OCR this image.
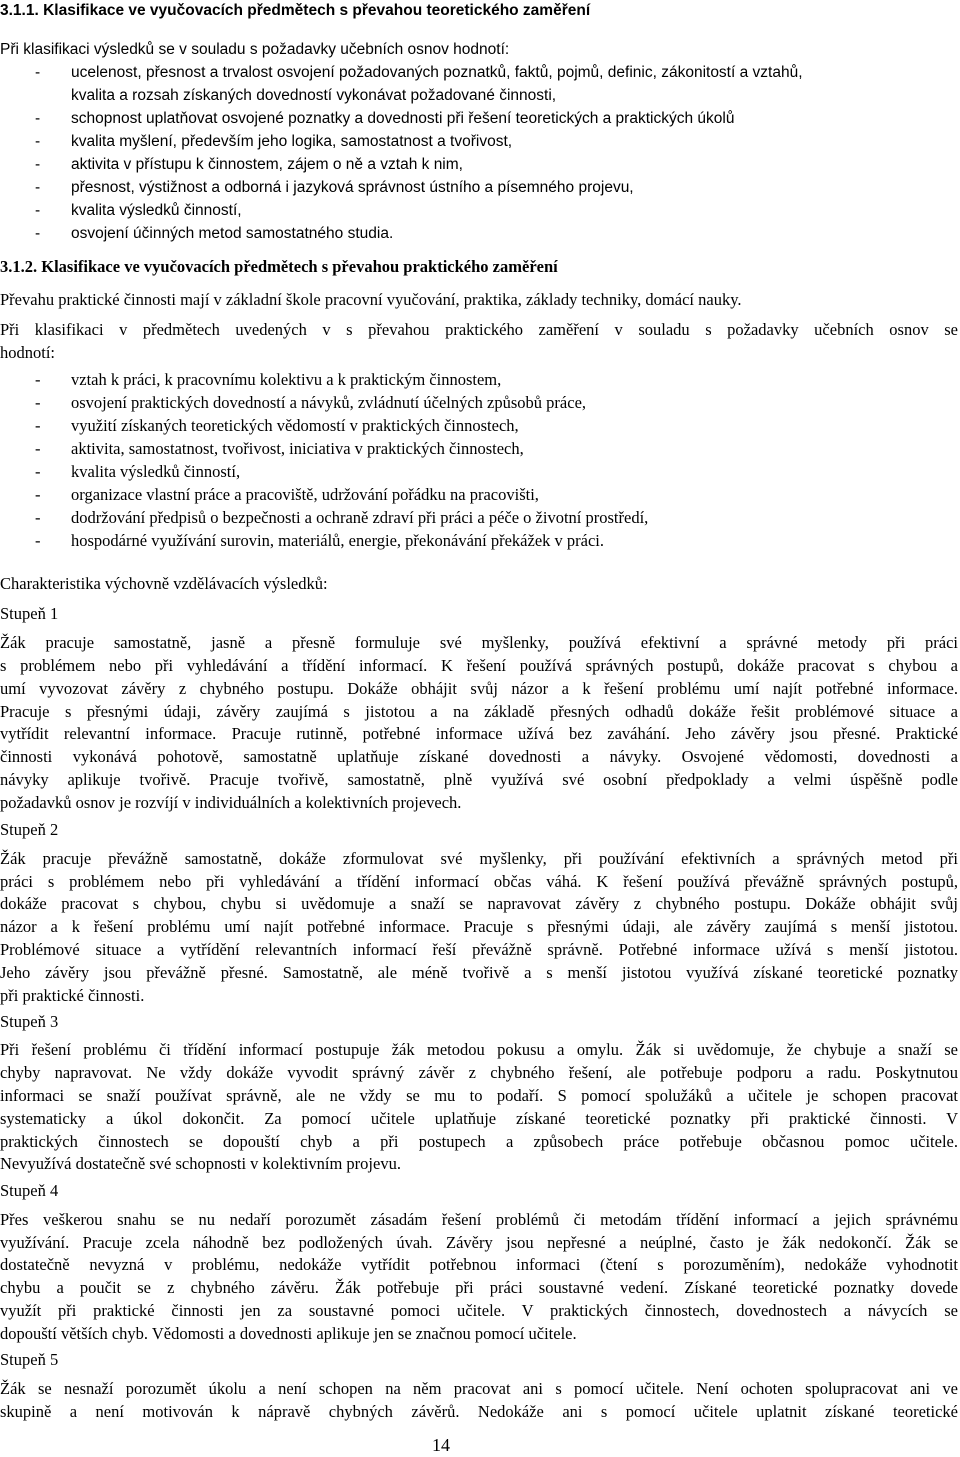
3.1.1. Klasifikace ve vyučovacích předmětech s převahou teoretického zaměření
Při klasifikaci výsledků se v souladu s požadavky učebních osnov hodnotí:
- ucelenost, přesnost a trvalost osvojení požadovaných poznatků, faktů, pojmů, definic, zákonitostí a vztahů,
kvalita a rozsah získaných dovedností vykonávat požadované činnosti,
- schopnost uplatňovat osvojené poznatky a dovednosti při řešení teoretických a praktických úkolů
- kvalita myšlení, především jeho logika, samostatnost a tvořivost,
- aktivita v přístupu k činnostem, zájem o ně a vztah k nim,
- přesnost, výstižnost a odborná i jazyková správnost ústního a písemného projevu,
- kvalita výsledků činností,
- osvojení účinných metod samostatného studia.
3.1.2. Klasifikace ve vyučovacích předmětech s převahou praktického zaměření
Převahu praktické činnosti mají v základní škole pracovní vyučování, praktika, základy techniky, domácí nauky.
Při klasifikaci v předmětech uvedených v s převahou praktického zaměření v souladu s požadavky učebních osnov se
hodnotí:
- vztah k práci, k pracovnímu kolektivu a k praktickým činnostem,
- osvojení praktických dovedností a návyků, zvládnutí účelných způsobů práce,
- využití získaných teoretických vědomostí v praktických činnostech,
- aktivita, samostatnost, tvořivost, iniciativa v praktických činnostech,
- kvalita výsledků činností,
- organizace vlastní práce a pracoviště, udržování pořádku na pracovišti,
- dodržování předpisů o bezpečnosti a ochraně zdraví při práci a péče o životní prostředí,
- hospodárné využívání surovin, materiálů, energie, překonávání překážek v práci.
Charakteristika výchovně vzdělávacích výsledků:
Stupeň 1
Žák pracuje samostatně, jasně a přesně formuluje své myšlenky, používá efektivní a správné metody při práci
s problémem nebo při vyhledávání a třídění informací. K řešení používá správných postupů, dokáže pracovat s chybou a
umí vyvozovat závěry z chybného postupu. Dokáže obhájit svůj názor a k řešení problému umí najít potřebné informace.
Pracuje s přesnými údaji, závěry zaujímá s jistotou a na základě přesných odhadů dokáže řešit problémové situace a
vytřídit relevantní informace. Pracuje rutinně, potřebné informace užívá bez zaváhání. Jeho závěry jsou přesné. Praktické
činnosti vykonává pohotově, samostatně uplatňuje získané dovednosti a návyky. Osvojené vědomosti, dovednosti a
návyky aplikuje tvořivě. Pracuje tvořivě, samostatně, plně využívá své osobní předpoklady a velmi úspěšně podle
požadavků osnov je rozvíjí v individuálních a kolektivních projevech.
Stupeň 2
Žák pracuje převážně samostatně, dokáže zformulovat své myšlenky, při používání efektivních a správných metod při
práci s problémem nebo při vyhledávání a třídění informací občas váhá. K řešení používá převážně správných postupů,
dokáže pracovat s chybou, chybu si uvědomuje a snaží se napravovat závěry z chybného postupu. Dokáže obhájit svůj
názor a k řešení problému umí najít potřebné informace. Pracuje s přesnými údaji, ale závěry zaujímá s menší jistotou.
Problémové situace a vytřídění relevantních informací řeší převážně správně. Potřebné informace užívá s menší jistotou.
Jeho závěry jsou převážně přesné. Samostatně, ale méně tvořivě a s menší jistotou využívá získané teoretické poznatky
při praktické činnosti.
Stupeň 3
Při řešení problému či třídění informací postupuje žák metodou pokusu a omylu. Žák si uvědomuje, že chybuje a snaží se
chyby napravovat. Ne vždy dokáže vyvodit správný závěr z chybného řešení, ale potřebuje podporu a radu. Poskytnutou
informaci se snaží používat správně, ale ne vždy se mu to podaří. S pomocí spolužáků a učitele je schopen pracovat
systematicky a úkol dokončit. Za pomocí učitele uplatňuje získané teoretické poznatky při praktické činnosti. V
praktických činnostech se dopouští chyb a při postupech a způsobech práce potřebuje občasnou pomoc učitele.
Nevyužívá dostatečně své schopnosti v kolektivním projevu.
Stupeň 4
Přes veškerou snahu se nu nedaří porozumět zásadám řešení problémů či metodám třídění informací a jejich správnému
využívání. Pracuje zcela náhodně bez podložených úvah. Závěry jsou nepřesné a neúplné, často je žák nedokončí. Žák se
dostatečně nevyzná v problému, nedokáže vytřídit potřebnou informaci (čtení s porozuměním), nedokáže vyhodnotit
chybu a poučit se z chybného závěru. Žák potřebuje při práci soustavné vedení. Získané teoretické poznatky dovede
využít při praktické činnosti jen za soustavné pomoci učitele. V praktických činnostech, dovednostech a návycích se
dopouští větších chyb. Vědomosti a dovednosti aplikuje jen se značnou pomocí učitele.
Stupeň 5
Žák se nesnaží porozumět úkolu a není schopen na něm pracovat ani s pomocí učitele. Není ochoten spolupracovat ani ve
skupině a není motivován k nápravě chybných závěrů. Nedokáže ani s pomocí učitele uplatnit získané teoretické
14
